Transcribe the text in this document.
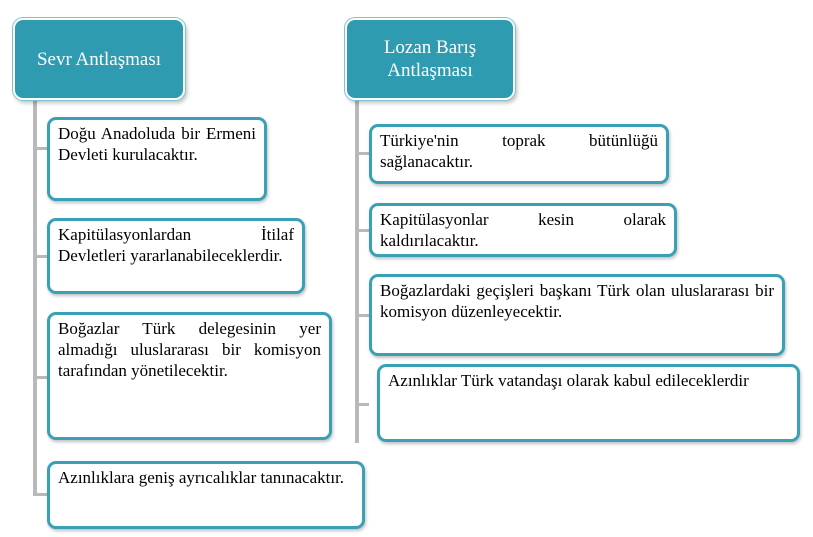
Sevr Antlaşması
Lozan Barış Antlaşması
Doğu Anadoluda bir Ermeni Devleti kurulacaktır.
Kapitülasyonlardan İtilaf Devletleri yararlanabileceklerdir.
Boğazlar Türk delegesinin yer almadığı uluslararası bir komisyon tarafından yönetilecektir.
Azınlıklara geniş ayrıcalıklar tanınacaktır.
Türkiye'nin toprak bütünlüğü sağlanacaktır.
Kapitülasyonlar kesin olarak kaldırılacaktır.
Boğazlardaki geçişleri başkanı Türk olan uluslararası bir komisyon düzenleyecektir.
Azınlıklar Türk vatandaşı olarak kabul edileceklerdir
